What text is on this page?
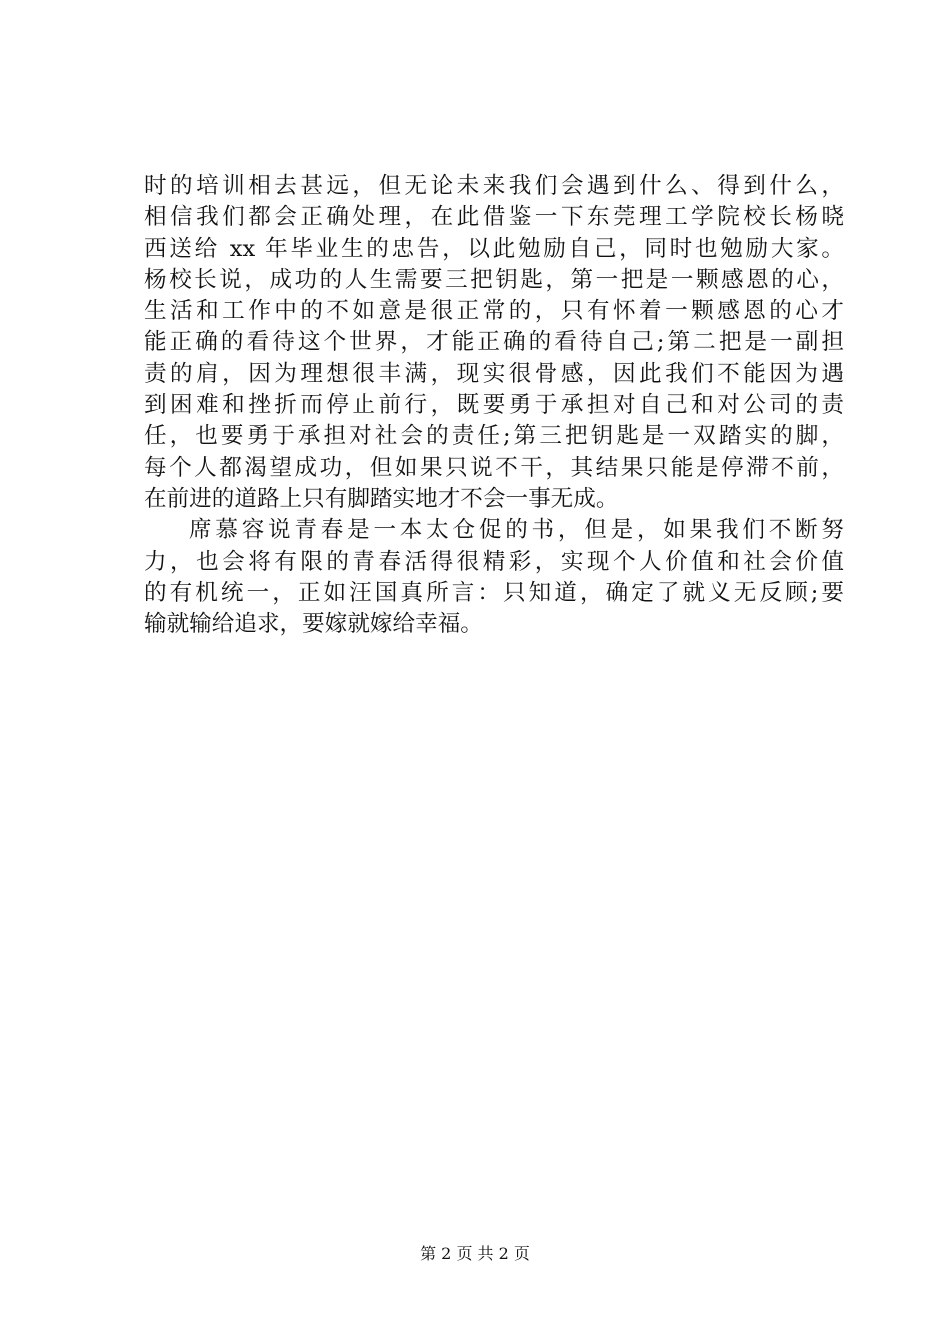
时的培训相去甚远，但无论未来我们会遇到什么、得到什么，
相信我们都会正确处理，在此借鉴一下东莞理工学院校长杨晓
西送给 xx 年毕业生的忠告，以此勉励自己，同时也勉励大家。
杨校长说，成功的人生需要三把钥匙，第一把是一颗感恩的心，
生活和工作中的不如意是很正常的，只有怀着一颗感恩的心才
能正确的看待这个世界，才能正确的看待自己;第二把是一副担
责的肩，因为理想很丰满，现实很骨感，因此我们不能因为遇
到困难和挫折而停止前行，既要勇于承担对自己和对公司的责
任，也要勇于承担对社会的责任;第三把钥匙是一双踏实的脚，
每个人都渴望成功，但如果只说不干，其结果只能是停滞不前，
在前进的道路上只有脚踏实地才不会一事无成。
席慕容说青春是一本太仓促的书，但是，如果我们不断努
力，也会将有限的青春活得很精彩，实现个人价值和社会价值
的有机统一，正如汪国真所言：只知道，确定了就义无反顾;要
输就输给追求，要嫁就嫁给幸福。
第 2 页 共 2 页
